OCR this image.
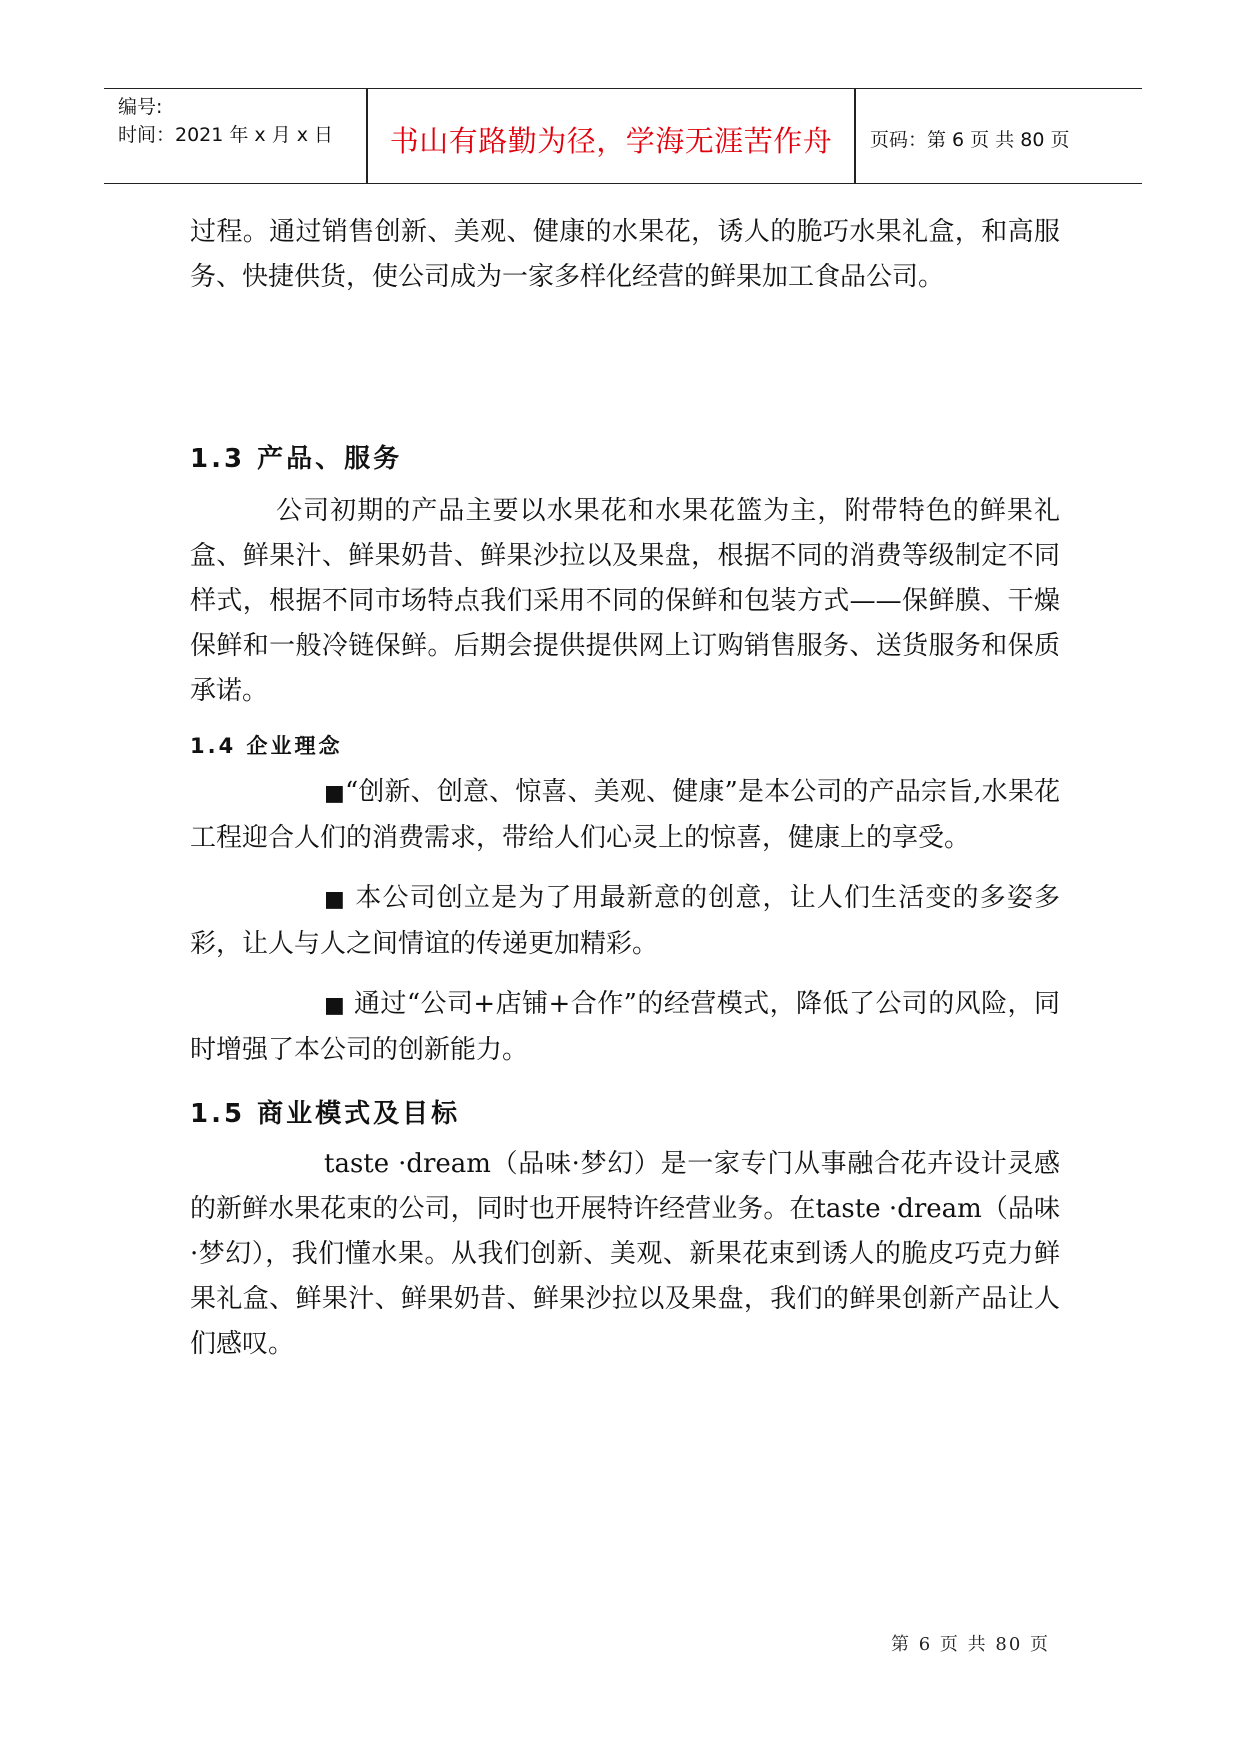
编号:
时间：2021 年 x 月 x 日	书山有路勤为径，学海无涯苦作舟	页码：第 6 页 共 80 页

过程。通过销售创新、美观、健康的水果花，诱人的脆巧水果礼盒，和高服务、快捷供货，使公司成为一家多样化经营的鲜果加工食品公司。

1.3 产品、服务

公司初期的产品主要以水果花和水果花篮为主，附带特色的鲜果礼盒、鲜果汁、鲜果奶昔、鲜果沙拉以及果盘，根据不同的消费等级制定不同样式，根据不同市场特点我们采用不同的保鲜和包装方式——保鲜膜、干燥保鲜和一般冷链保鲜。后期会提供提供网上订购销售服务、送货服务和保质承诺。

1.4 企业理念

■“创新、创意、惊喜、美观、健康”是本公司的产品宗旨,水果花工程迎合人们的消费需求，带给人们心灵上的惊喜，健康上的享受。

■ 本公司创立是为了用最新意的创意，让人们生活变的多姿多彩，让人与人之间情谊的传递更加精彩。

■ 通过“公司+店铺+合作”的经营模式，降低了公司的风险，同时增强了本公司的创新能力。

1.5 商业模式及目标

taste ·dream（品味·梦幻）是一家专门从事融合花卉设计灵感的新鲜水果花束的公司，同时也开展特许经营业务。在taste ·dream（品味·梦幻），我们懂水果。从我们创新、美观、新果花束到诱人的脆皮巧克力鲜果礼盒、鲜果汁、鲜果奶昔、鲜果沙拉以及果盘，我们的鲜果创新产品让人们感叹。

第 6 页 共 80 页
